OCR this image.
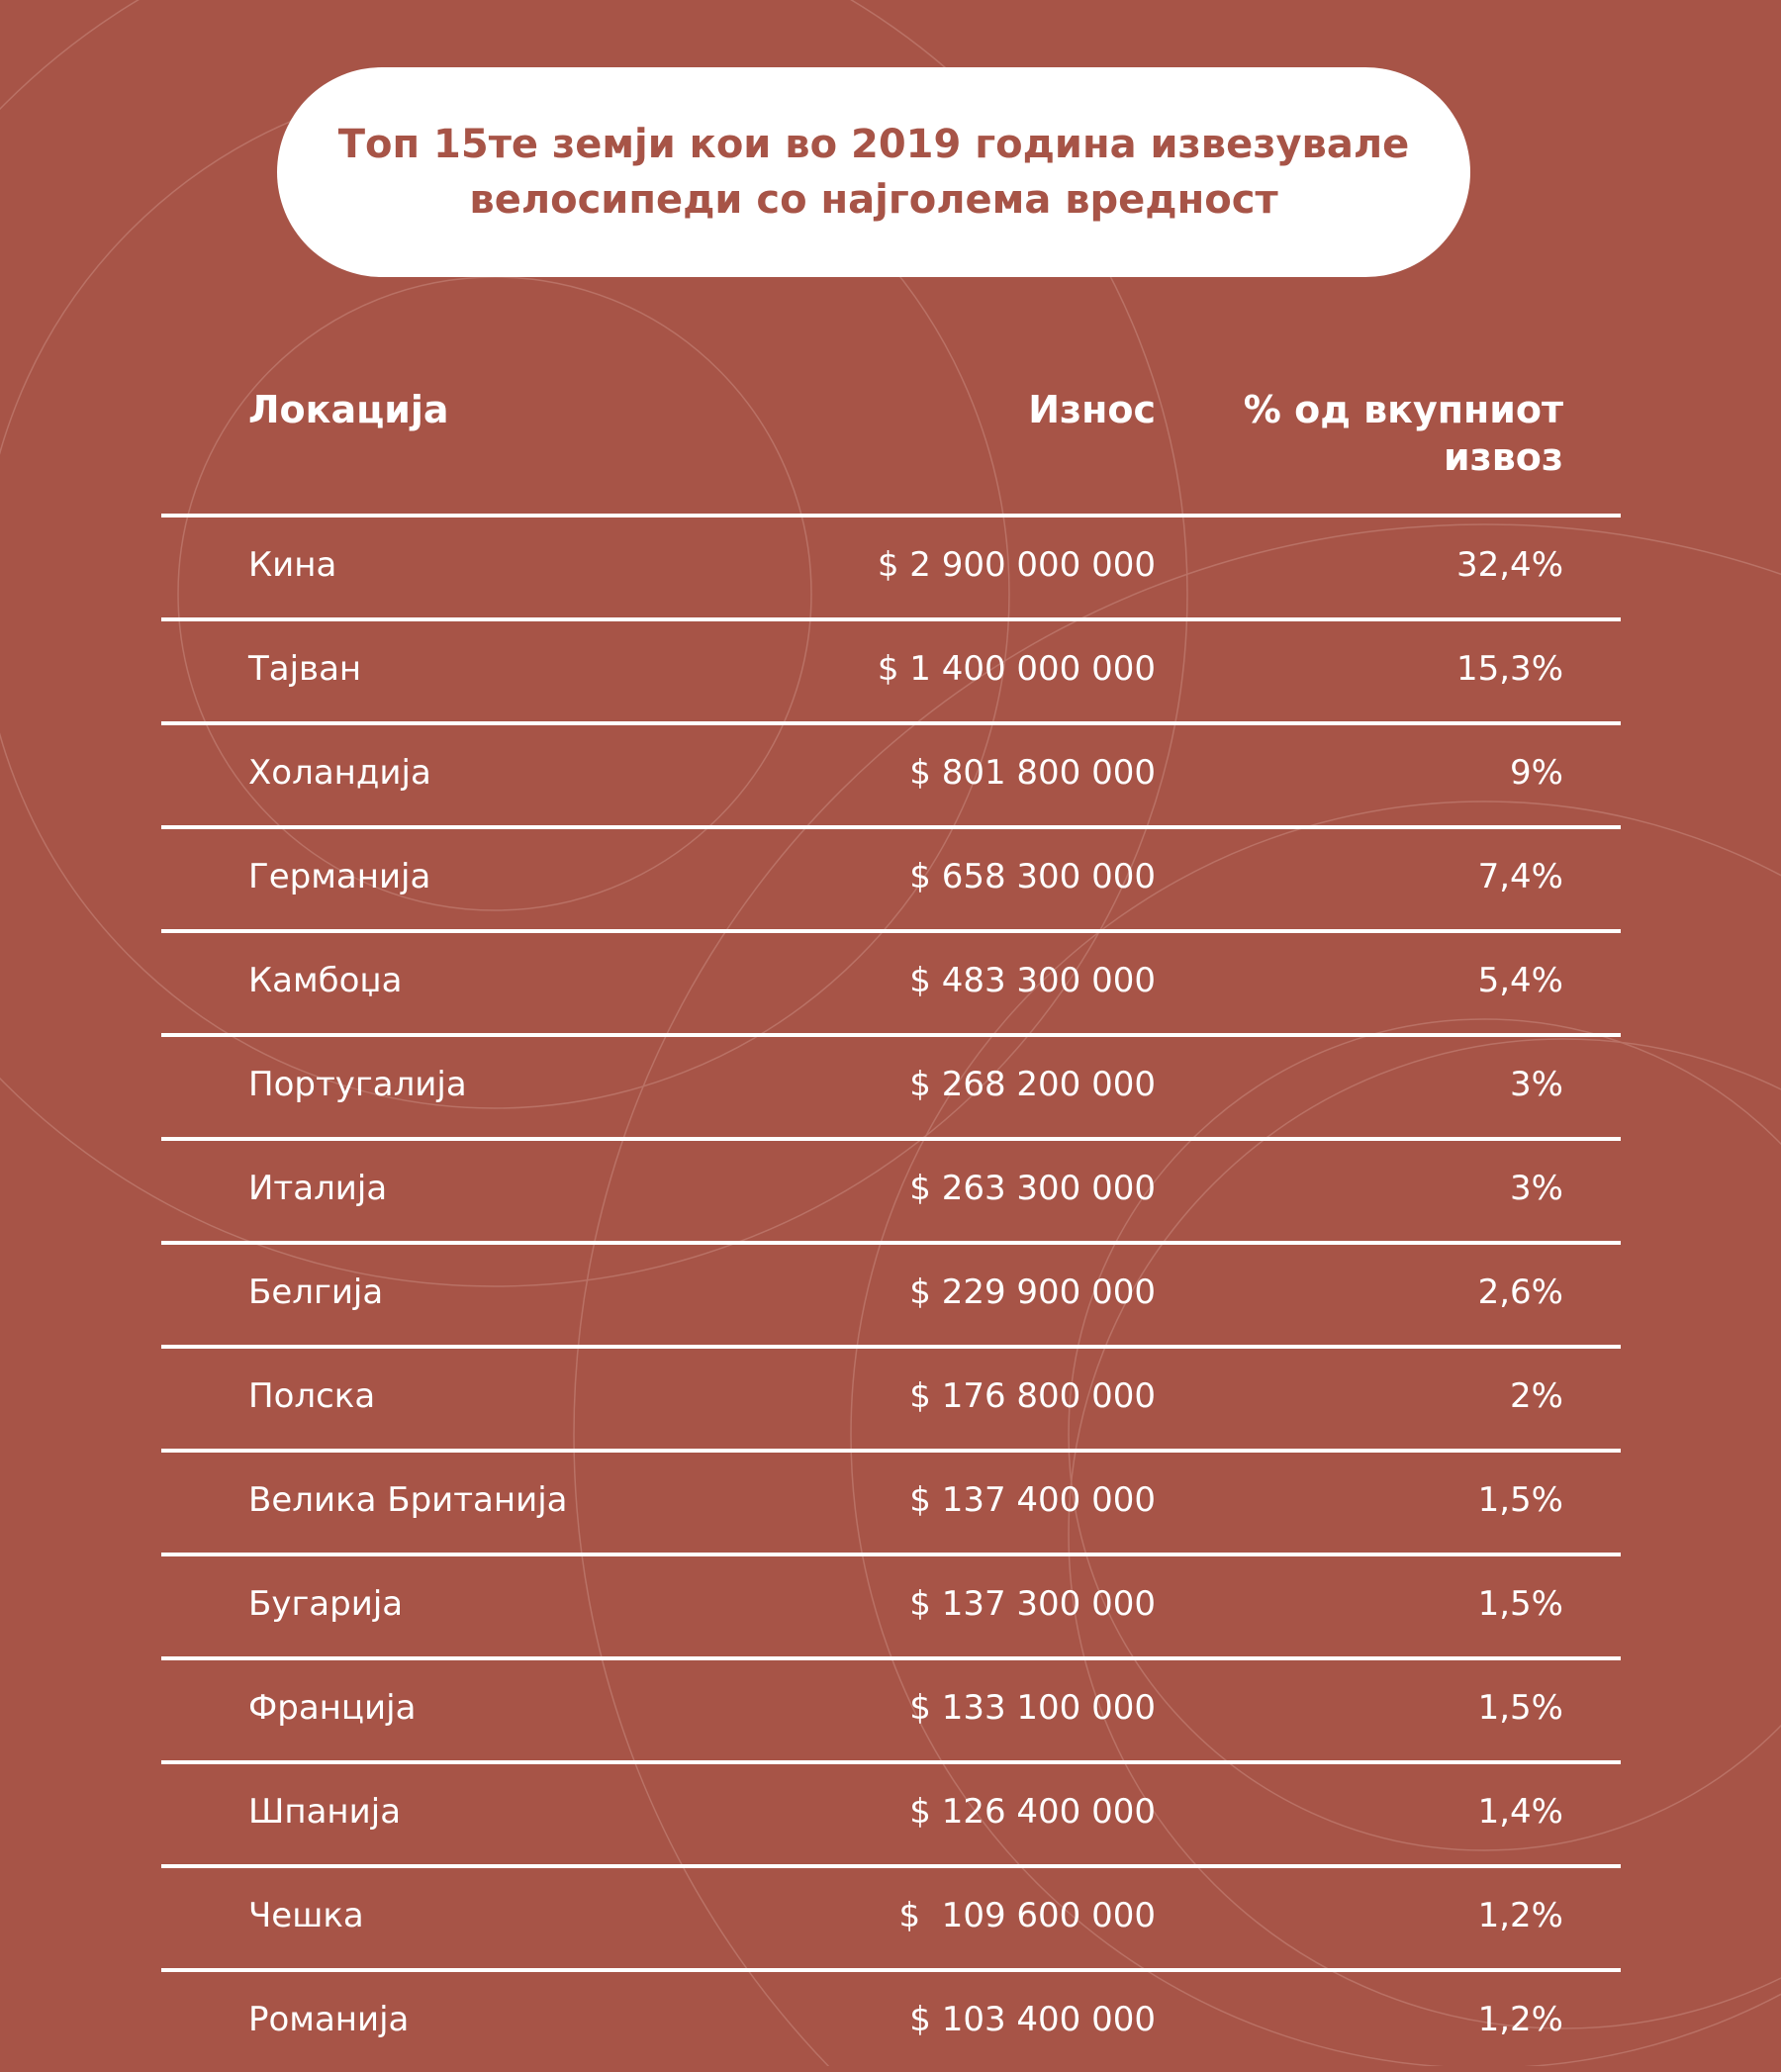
Топ 15те земји кои во 2019 година извезувале велосипеди со најголема вредност
Локација	Износ	% од вкупниот извоз
Кина	$ 2 900 000 000	32,4%
Тајван	$ 1 400 000 000	15,3%
Холандија	$ 801 800 000	9%
Германија	$ 658 300 000	7,4%
Камбоџа	$ 483 300 000	5,4%
Португалија	$ 268 200 000	3%
Италија	$ 263 300 000	3%
Белгија	$ 229 900 000	2,6%
Полска	$ 176 800 000	2%
Велика Британија	$ 137 400 000	1,5%
Бугарија	$ 137 300 000	1,5%
Франција	$ 133 100 000	1,5%
Шпанија	$ 126 400 000	1,4%
Чешка	$  109 600 000	1,2%
Романија	$ 103 400 000	1,2%
